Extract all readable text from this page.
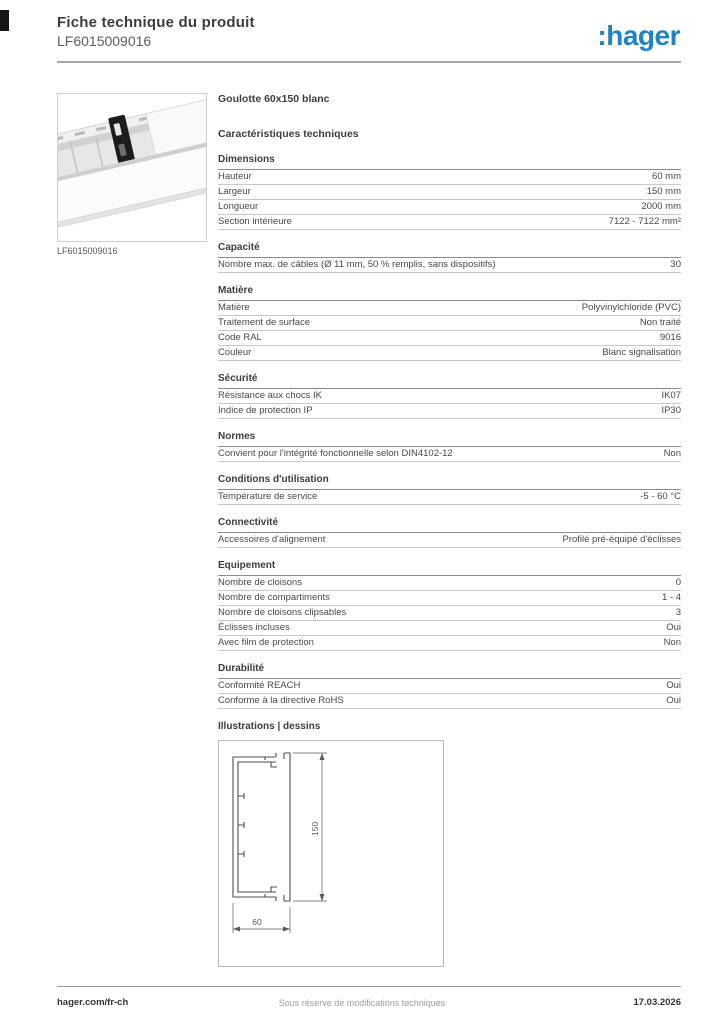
Fiche technique du produit
LF6015009016	:hager
LF6015009016
Goulotte 60x150 blanc
Caractéristiques techniques
Dimensions
Hauteur	60 mm
Largeur	150 mm
Longueur	2000 mm
Section intérieure	7122 - 7122 mm²
Capacité
Nombre max. de câbles (Ø 11 mm, 50 % remplis, sans dispositifs)	30
Matière
Matière	Polyvinylchloride (PVC)
Traitement de surface	Non traité
Code RAL	9016
Couleur	Blanc signalisation
Sécurité
Résistance aux chocs IK	IK07
Indice de protection IP	IP30
Normes
Convient pour l'intégrité fonctionnelle selon DIN4102-12	Non
Conditions d'utilisation
Température de service	-5 - 60 °C
Connectivité
Accessoires d'alignement	Profilé pré-équipé d'éclisses
Equipement
Nombre de cloisons	0
Nombre de compartiments	1 - 4
Nombre de cloisons clipsables	3
Éclisses incluses	Oui
Avec film de protection	Non
Durabilité
Conformité REACH	Oui
Conforme à la directive RoHS	Oui
Illustrations | dessins
150
60
hager.com/fr-ch	Sous réserve de modifications techniques	17.03.2026
